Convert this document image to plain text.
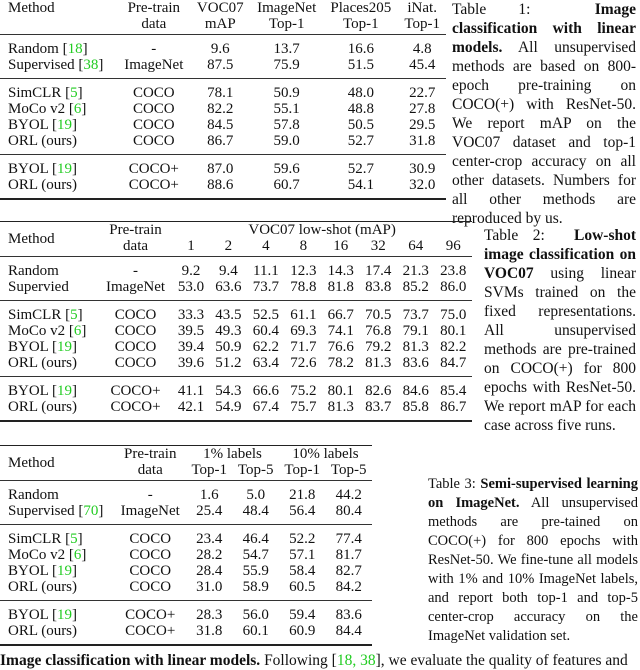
Method	Pre-train	VOC07	ImageNet	Places205	iNat.
	data	mAP	Top-1	Top-1	Top-1
Random [18]	-	9.6	13.7	16.6	4.8
Supervised [38]	ImageNet	87.5	75.9	51.5	45.4
SimCLR [5]	COCO	78.1	50.9	48.0	22.7
MoCo v2 [6]	COCO	82.2	55.1	48.8	27.8
BYOL [19]	COCO	84.5	57.8	50.5	29.5
ORL (ours)	COCO	86.7	59.0	52.7	31.8
BYOL [19]	COCO+	87.0	59.6	52.7	30.9
ORL (ours)	COCO+	88.6	60.7	54.1	32.0
Table 1:	Image classification with linear models. All unsupervised methods are based on 800-epoch pre-training on COCO(+) with ResNet-50. We report mAP on the VOC07 dataset and top-1 center-crop accuracy on all other datasets. Numbers for all other methods are reproduced by us.
Method	Pre-train	VOC07 low-shot (mAP)							
	data	1	2	4	8	16	32	64	96
Random	-	9.2	9.4	11.1	12.3	14.3	17.4	21.3	23.8
Supervied	ImageNet	53.0	63.6	73.7	78.8	81.8	83.8	85.2	86.0
SimCLR [5]	COCO	33.3	43.5	52.5	61.1	66.7	70.5	73.7	75.0
MoCo v2 [6]	COCO	39.5	49.3	60.4	69.3	74.1	76.8	79.1	80.1
BYOL [19]	COCO	39.4	50.9	62.2	71.7	76.6	79.2	81.3	82.2
ORL (ours)	COCO	39.6	51.2	63.4	72.6	78.2	81.3	83.6	84.7
BYOL [19]	COCO+	41.1	54.3	66.6	75.2	80.1	82.6	84.6	85.4
ORL (ours)	COCO+	42.1	54.9	67.4	75.7	81.3	83.7	85.8	86.7
Table 2: Low-shot image classification on VOC07 using linear SVMs trained on the fixed representations. All unsupervised methods are pre-trained on COCO(+) for 800 epochs with ResNet-50. We report mAP for each case across five runs.
Method	Pre-train	1% labels		10% labels	
	data	Top-1	Top-5	Top-1	Top-5
Random	-	1.6	5.0	21.8	44.2
Supervised [70]	ImageNet	25.4	48.4	56.4	80.4
SimCLR [5]	COCO	23.4	46.4	52.2	77.4
MoCo v2 [6]	COCO	28.2	54.7	57.1	81.7
BYOL [19]	COCO	28.4	55.9	58.4	82.7
ORL (ours)	COCO	31.0	58.9	60.5	84.2
BYOL [19]	COCO+	28.3	56.0	59.4	83.6
ORL (ours)	COCO+	31.8	60.1	60.9	84.4
Table 3: Semi-supervised learning on ImageNet. All unsupervised methods are pre-tained on COCO(+) for 800 epochs with ResNet-50. We fine-tune all models with 1% and 10% ImageNet labels, and report both top-1 and top-5 center-crop accuracy on the ImageNet validation set.
Image classification with linear models. Following [18, 38], we evaluate the quality of features and
